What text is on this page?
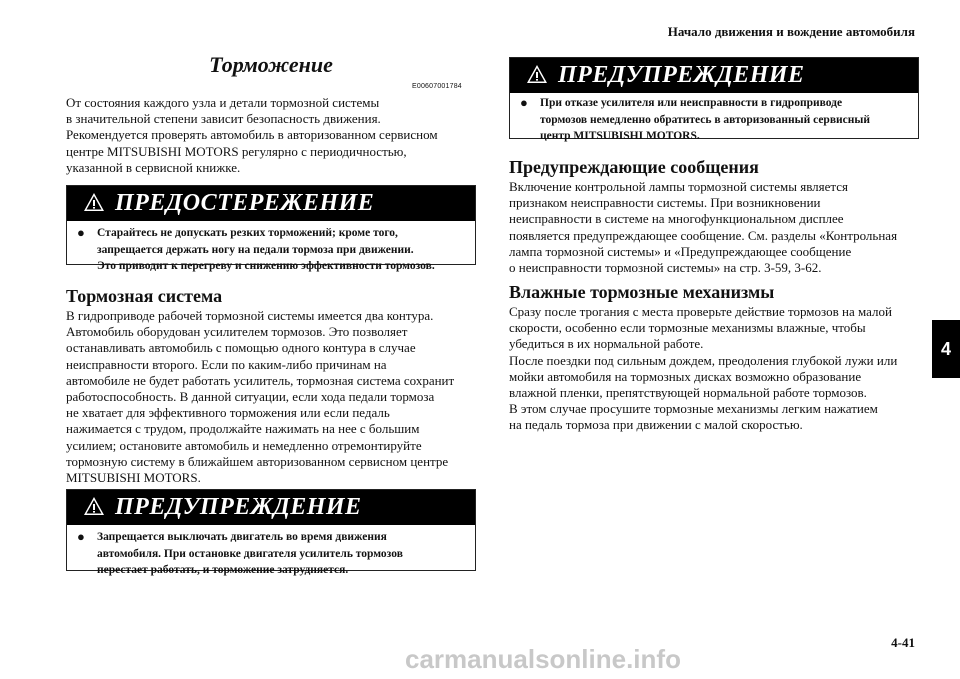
Начало движения и вождение автомобиля
Торможение
E00607001784
От состояния каждого узла и детали тормозной системы
в значительной степени зависит безопасность движения.
Рекомендуется проверять автомобиль в авторизованном сервисном
центре MITSUBISHI MOTORS регулярно с периодичностью,
указанной в сервисной книжке.
ПРЕДОСТЕРЕЖЕНИЕ
● Старайтесь не допускать резких торможений; кроме того,
запрещается держать ногу на педали тормоза при движении.
Это приводит к перегреву и снижению эффективности тормозов.
Тормозная система
В гидроприводе рабочей тормозной системы имеется два контура.
Автомобиль оборудован усилителем тормозов. Это позволяет
останавливать автомобиль с помощью одного контура в случае
неисправности второго. Если по каким-либо причинам на
автомобиле не будет работать усилитель, тормозная система сохранит
работоспособность. В данной ситуации, если хода педали тормоза
не хватает для эффективного торможения или если педаль
нажимается с трудом, продолжайте нажимать на нее с большим
усилием; остановите автомобиль и немедленно отремонтируйте
тормозную систему в ближайшем авторизованном сервисном центре
MITSUBISHI MOTORS.
ПРЕДУПРЕЖДЕНИЕ
● Запрещается выключать двигатель во время движения
автомобиля. При остановке двигателя усилитель тормозов
перестает работать, и торможение затрудняется.
ПРЕДУПРЕЖДЕНИЕ
● При отказе усилителя или неисправности в гидроприводе
тормозов немедленно обратитесь в авторизованный сервисный
центр MITSUBISHI MOTORS.
Предупреждающие сообщения
Включение контрольной лампы тормозной системы является
признаком неисправности системы. При возникновении
неисправности в системе на многофункциональном дисплее
появляется предупреждающее сообщение. См. разделы «Контрольная
лампа тормозной системы» и «Предупреждающее сообщение
о неисправности тормозной системы» на стр. 3-59, 3-62.
Влажные тормозные механизмы
Сразу после трогания с места проверьте действие тормозов на малой
скорости, особенно если тормозные механизмы влажные, чтобы
убедиться в их нормальной работе.
После поездки под сильным дождем, преодоления глубокой лужи или
мойки автомобиля на тормозных дисках возможно образование
влажной пленки, препятствующей нормальной работе тормозов.
В этом случае просушите тормозные механизмы легким нажатием
на педаль тормоза при движении с малой скоростью.
4
4-41
carmanualsonline.info
